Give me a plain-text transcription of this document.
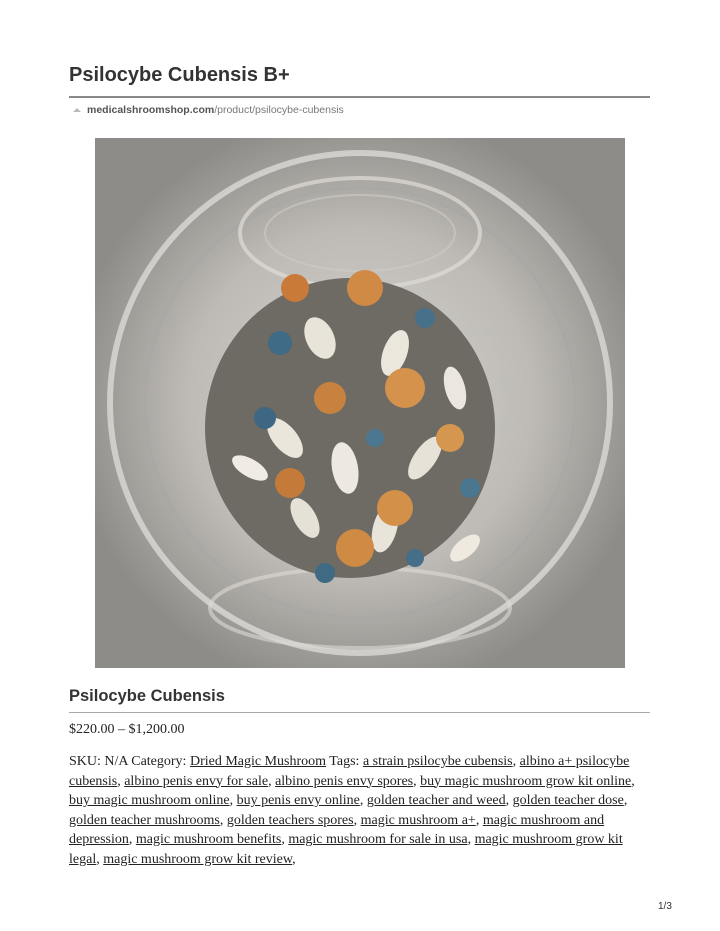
Psilocybe Cubensis B+
medicalshroomshop.com/product/psilocybe-cubensis
Psilocybe Cubensis
$220.00 – $1,200.00
SKU: N/A Category: Dried Magic Mushroom Tags: a strain psilocybe cubensis, albino a+ psilocybe cubensis, albino penis envy for sale, albino penis envy spores, buy magic mushroom grow kit online, buy magic mushroom online, buy penis envy online, golden teacher and weed, golden teacher dose, golden teacher mushrooms, golden teachers spores, magic mushroom a+, magic mushroom and depression, magic mushroom benefits, magic mushroom for sale in usa, magic mushroom grow kit legal, magic mushroom grow kit review,
1/3
